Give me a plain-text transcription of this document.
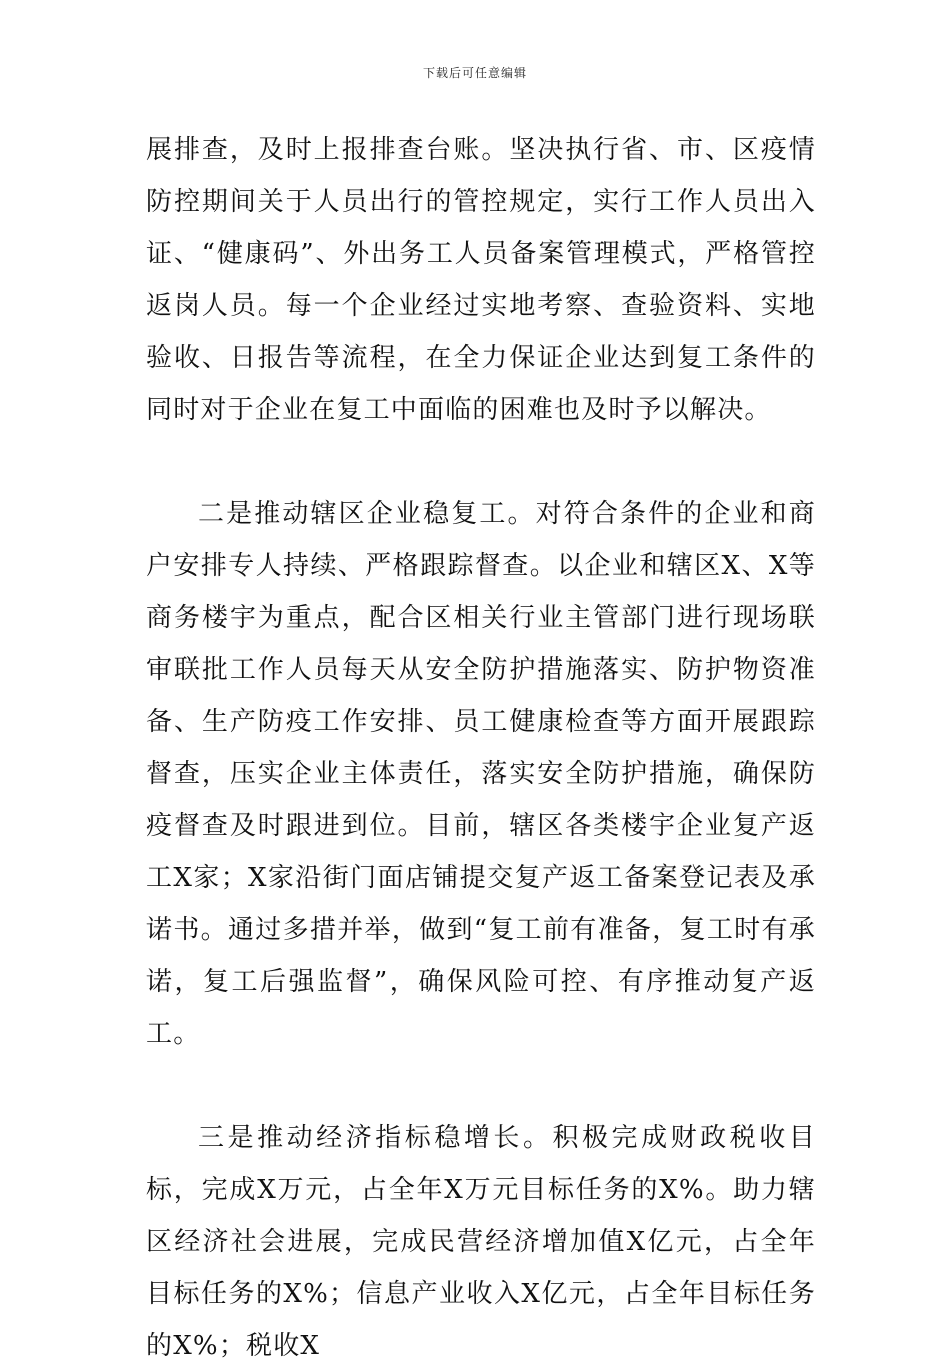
下载后可任意编辑

展排查，及时上报排查台账。坚决执行省、市、区疫情防控期间关于人员出行的管控规定，实行工作人员出入证、“健康码”、外出务工人员备案管理模式，严格管控返岗人员。每一个企业经过实地考察、查验资料、实地验收、日报告等流程，在全力保证企业达到复工条件的同时对于企业在复工中面临的困难也及时予以解决。

二是推动辖区企业稳复工。对符合条件的企业和商户安排专人持续、严格跟踪督查。以企业和辖区X、X等商务楼宇为重点，配合区相关行业主管部门进行现场联审联批工作人员每天从安全防护措施落实、防护物资准备、生产防疫工作安排、员工健康检查等方面开展跟踪督查，压实企业主体责任，落实安全防护措施，确保防疫督查及时跟进到位。目前，辖区各类楼宇企业复产返工X家；X家沿街门面店铺提交复产返工备案登记表及承诺书。通过多措并举，做到“复工前有准备，复工时有承诺，复工后强监督”，确保风险可控、有序推动复产返工。

三是推动经济指标稳增长。积极完成财政税收目标，完成X万元，占全年X万元目标任务的X%。助力辖区经济社会进展，完成民营经济增加值X亿元，占全年目标任务的X%；信息产业收入X亿元，占全年目标任务的X%；税收X
